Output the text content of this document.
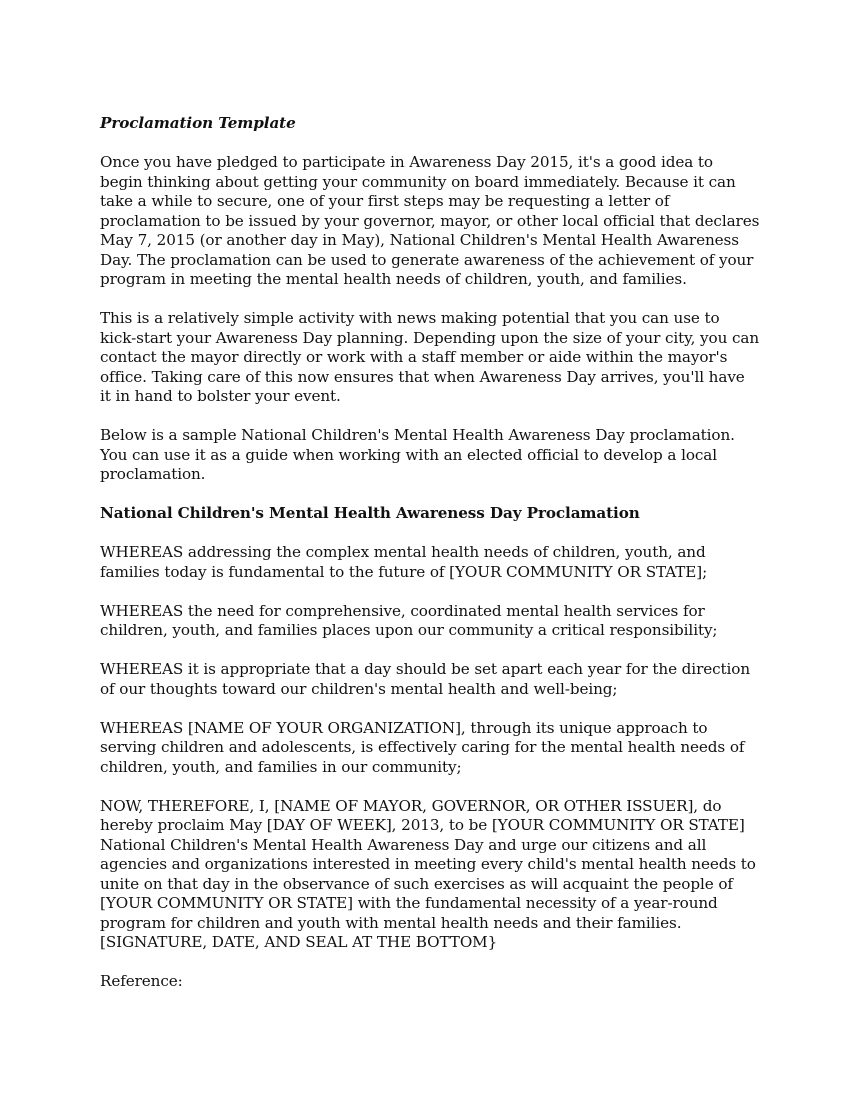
Proclamation Template

Once you have pledged to participate in Awareness Day 2015, it's a good idea to begin thinking about getting your community on board immediately. Because it can take a while to secure, one of your first steps may be requesting a letter of proclamation to be issued by your governor, mayor, or other local official that declares May 7, 2015 (or another day in May), National Children's Mental Health Awareness Day. The proclamation can be used to generate awareness of the achievement of your program in meeting the mental health needs of children, youth, and families.

This is a relatively simple activity with news making potential that you can use to kick-start your Awareness Day planning. Depending upon the size of your city, you can contact the mayor directly or work with a staff member or aide within the mayor's office. Taking care of this now ensures that when Awareness Day arrives, you'll have it in hand to bolster your event.

Below is a sample National Children's Mental Health Awareness Day proclamation. You can use it as a guide when working with an elected official to develop a local proclamation.

National Children's Mental Health Awareness Day Proclamation

WHEREAS addressing the complex mental health needs of children, youth, and families today is fundamental to the future of [YOUR COMMUNITY OR STATE];

WHEREAS the need for comprehensive, coordinated mental health services for children, youth, and families places upon our community a critical responsibility;

WHEREAS it is appropriate that a day should be set apart each year for the direction of our thoughts toward our children's mental health and well-being;

WHEREAS [NAME OF YOUR ORGANIZATION], through its unique approach to serving children and adolescents, is effectively caring for the mental health needs of children, youth, and families in our community;

NOW, THEREFORE, I, [NAME OF MAYOR, GOVERNOR, OR OTHER ISSUER], do hereby proclaim May [DAY OF WEEK], 2013, to be [YOUR COMMUNITY OR STATE] National Children's Mental Health Awareness Day and urge our citizens and all agencies and organizations interested in meeting every child's mental health needs to unite on that day in the observance of such exercises as will acquaint the people of [YOUR COMMUNITY OR STATE] with the fundamental necessity of a year-round program for children and youth with mental health needs and their families.[SIGNATURE, DATE, AND SEAL AT THE BOTTOM}

Reference:
